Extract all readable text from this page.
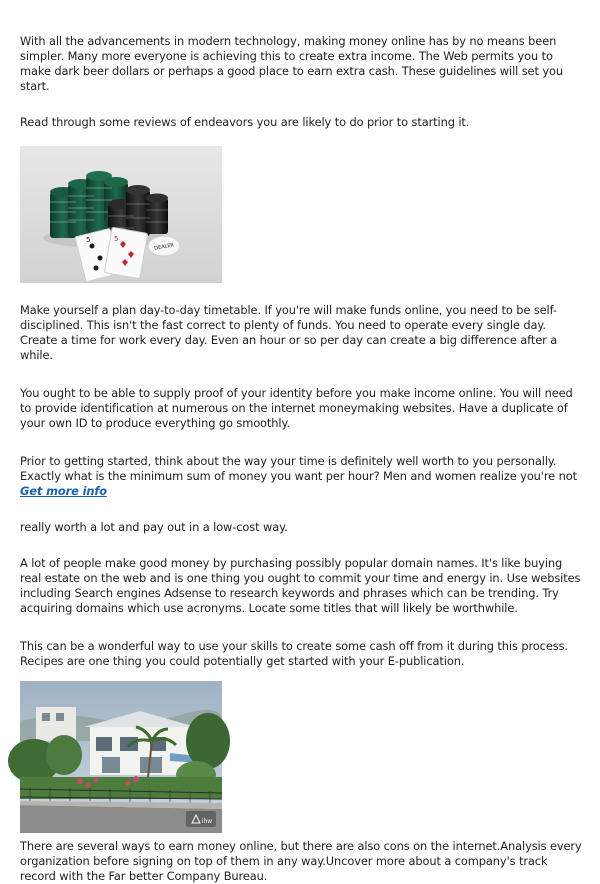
With all the advancements in modern technology, making money online has by no means been simpler. Many more everyone is achieving this to create extra income. The Web permits you to make dark beer dollars or perhaps a good place to earn extra cash. These guidelines will set you start.

Read through some reviews of endeavors you are likely to do prior to starting it.

5	5
DEALER

Make yourself a plan day-to-day timetable. If you're will make funds online, you need to be self-disciplined. This isn't the fast correct to plenty of funds. You need to operate every single day. Create a time for work every day. Even an hour or so per day can create a big difference after a while.

You ought to be able to supply proof of your identity before you make income online. You will need to provide identification at numerous on the internet moneymaking websites. Have a duplicate of your own ID to produce everything go smoothly.

Prior to getting started, think about the way your time is definitely well worth to you personally. Exactly what is the minimum sum of money you want per hour? Men and women realize you're not Get more info

really worth a lot and pay out in a low-cost way.

A lot of people make good money by purchasing possibly popular domain names. It's like buying real estate on the web and is one thing you ought to commit your time and energy in. Use websites including Search engines Adsense to research keywords and phrases which can be trending. Try acquiring domains which use acronyms. Locate some titles that will likely be worthwhile.

This can be a wonderful way to use your skills to create some cash off from it during this process. Recipes are one thing you could potentially get started with your E-publication.

ihw

There are several ways to earn money online, but there are also cons on the internet.Analysis every organization before signing on top of them in any way.Uncover more about a company's track record with the Far better Company Bureau.
